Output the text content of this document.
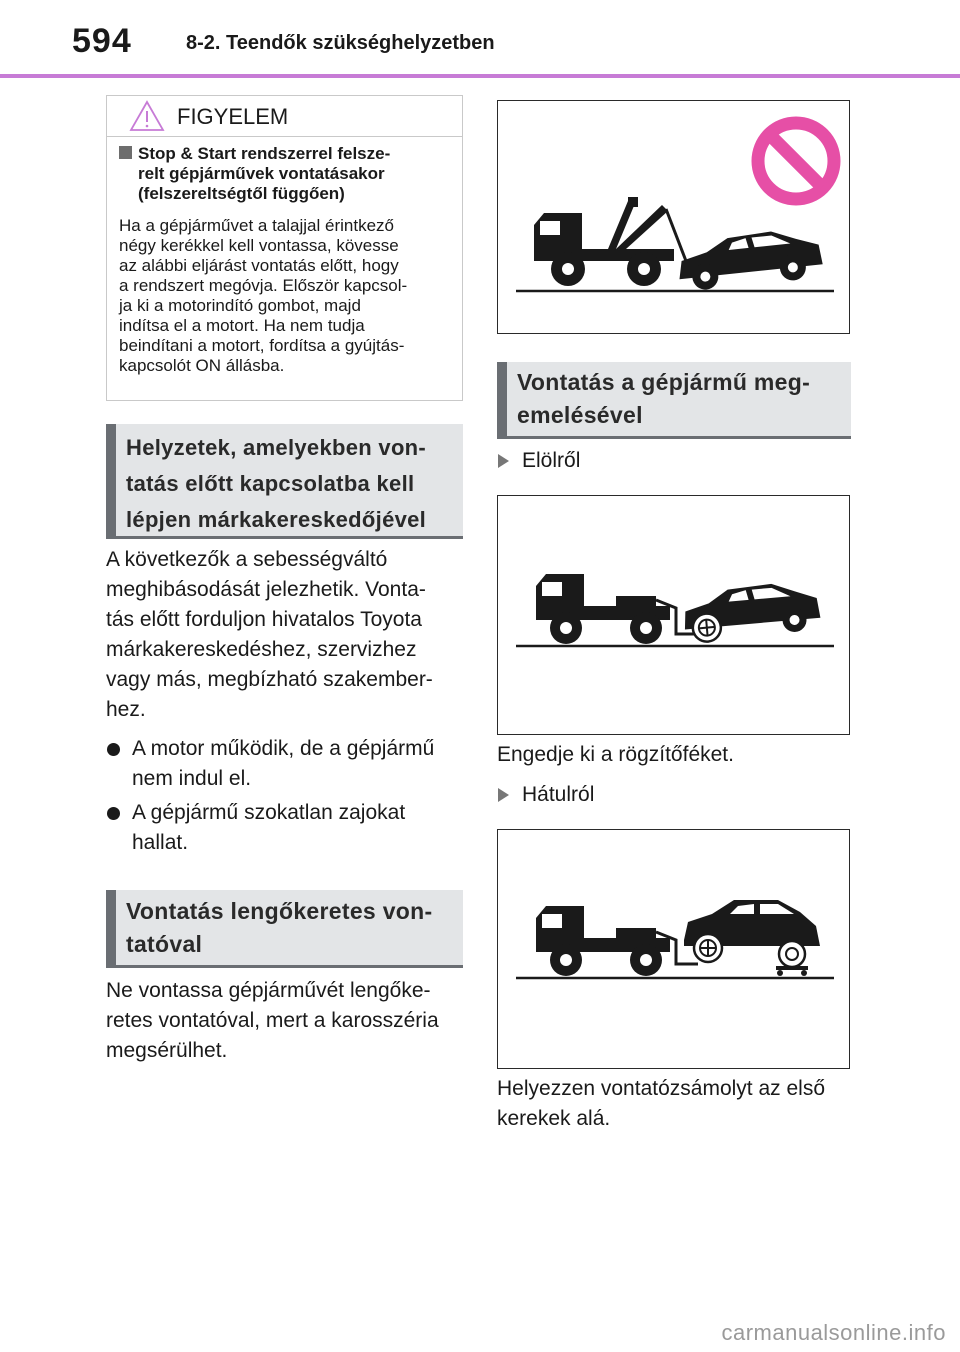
594	8-2. Teendők szükséghelyzetben
FIGYELEM
Stop & Start rendszerrel felsze-
relt gépjárművek vontatásakor
(felszereltségtől függően)
Ha a gépjárművet a talajjal érintkező
négy kerékkel kell vontassa, kövesse
az alábbi eljárást vontatás előtt, hogy
a rendszert megóvja. Először kapcsol-
ja ki a motorindító gombot, majd
indítsa el a motort. Ha nem tudja
beindítani a motort, fordítsa a gyújtás-
kapcsolót ON állásba.
Helyzetek, amelyekben von-
tatás előtt kapcsolatba kell
lépjen márkakereskedőjével
A következők a sebességváltó
meghibásodását jelezhetik. Vonta-
tás előtt forduljon hivatalos Toyota
márkakereskedéshez, szervizhez
vagy más, megbízható szakember-
hez.
A motor működik, de a gépjármű
nem indul el.
A gépjármű szokatlan zajokat
hallat.
Vontatás lengőkeretes von-
tatóval
Ne vontassa gépjárművét lengőke-
retes vontatóval, mert a karosszéria
megsérülhet.
Vontatás a gépjármű meg-
emelésével
Elölről
Engedje ki a rögzítőféket.
Hátulról
Helyezzen vontatózsámolyt az első
kerekek alá.
carmanualsonline.info
